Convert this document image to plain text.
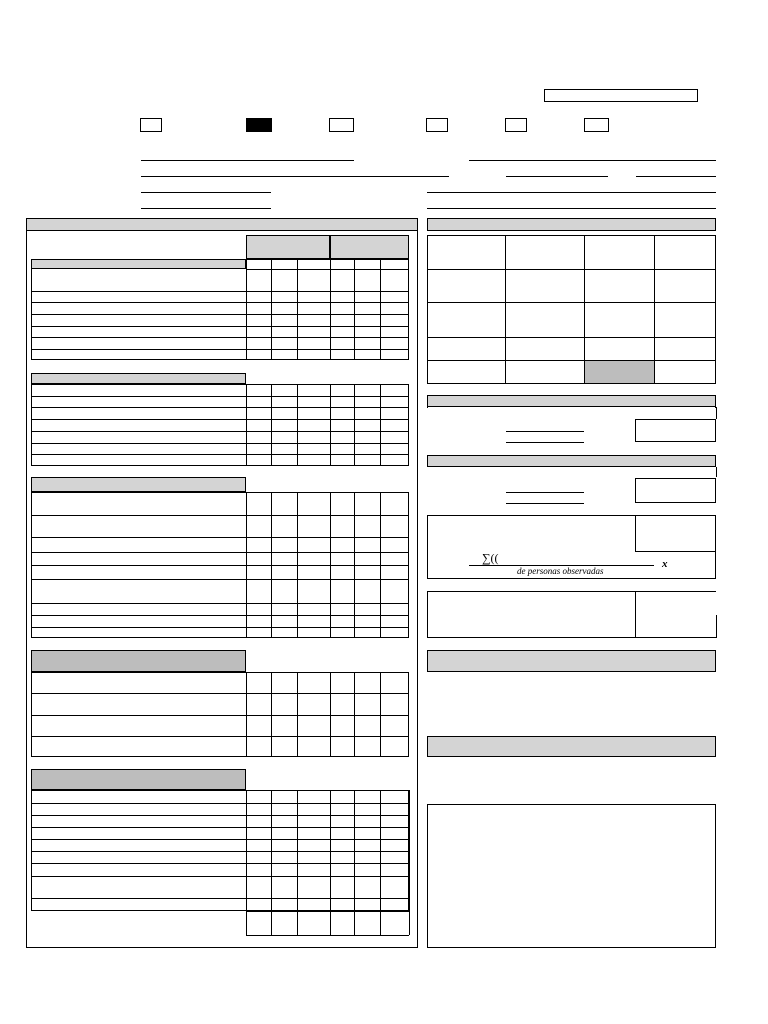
∑((
de personas observadas
x
